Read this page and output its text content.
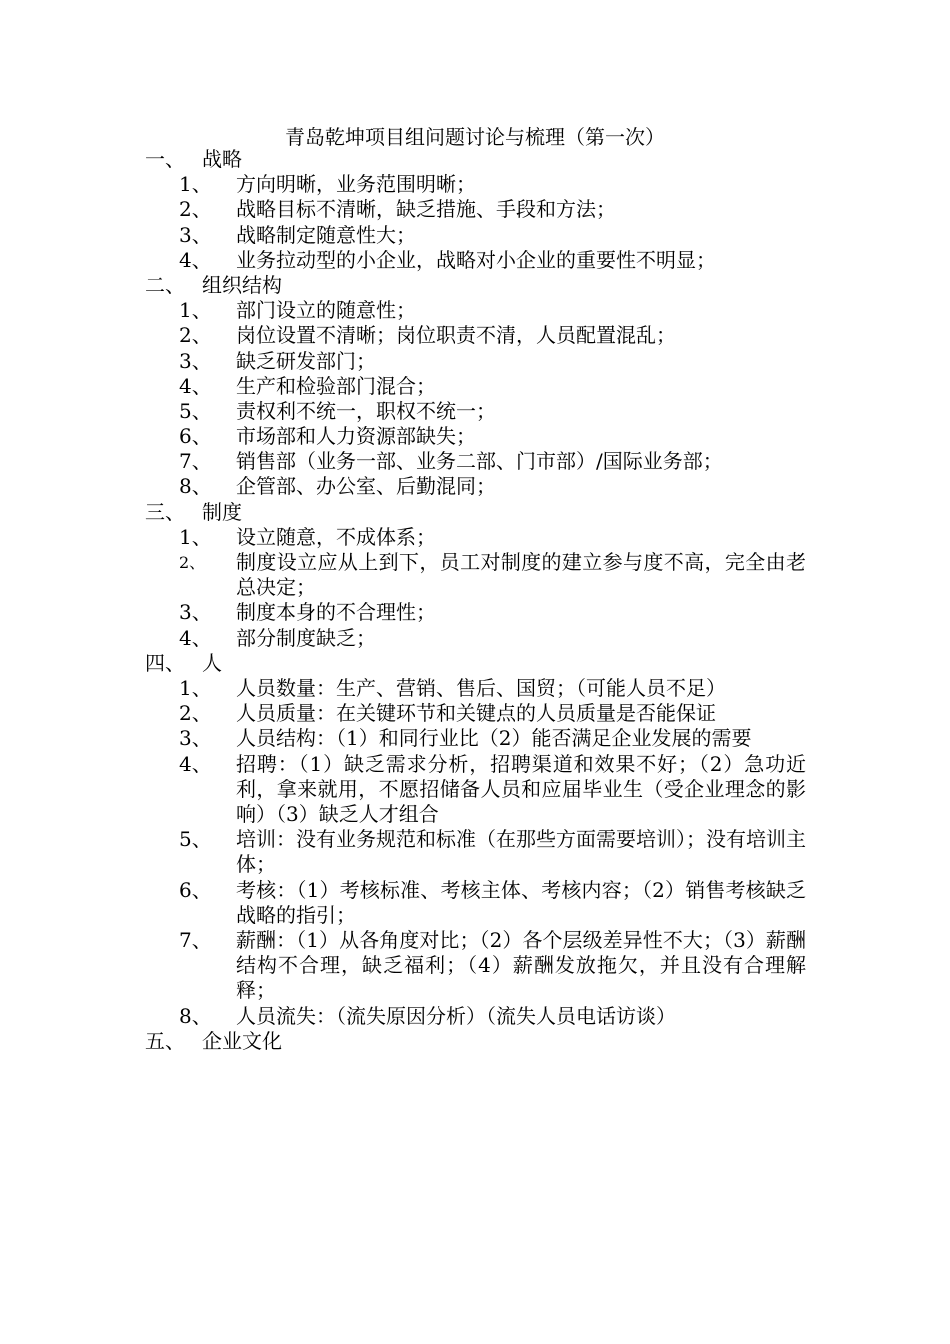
青岛乾坤项目组问题讨论与梳理（第一次）
一、 战略
1、 方向明晰，业务范围明晰；
2、 战略目标不清晰，缺乏措施、手段和方法；
3、 战略制定随意性大；
4、 业务拉动型的小企业，战略对小企业的重要性不明显；
二、 组织结构
1、 部门设立的随意性；
2、 岗位设置不清晰；岗位职责不清，人员配置混乱；
3、 缺乏研发部门；
4、 生产和检验部门混合；
5、 责权利不统一，职权不统一；
6、 市场部和人力资源部缺失；
7、 销售部（业务一部、业务二部、门市部）/国际业务部；
8、 企管部、办公室、后勤混同；
三、 制度
1、 设立随意，不成体系；
2、 制度设立应从上到下，员工对制度的建立参与度不高，完全由老总决定；
3、 制度本身的不合理性；
4、 部分制度缺乏；
四、 人
1、 人员数量：生产、营销、售后、国贸；（可能人员不足）
2、 人员质量：在关键环节和关键点的人员质量是否能保证
3、 人员结构：（1）和同行业比（2）能否满足企业发展的需要
4、 招聘：（1）缺乏需求分析，招聘渠道和效果不好；（2）急功近利，拿来就用，不愿招储备人员和应届毕业生（受企业理念的影响）（3）缺乏人才组合
5、 培训：没有业务规范和标准（在那些方面需要培训）；没有培训主体；
6、 考核：（1）考核标准、考核主体、考核内容；（2）销售考核缺乏战略的指引；
7、 薪酬：（1）从各角度对比；（2）各个层级差异性不大；（3）薪酬结构不合理，缺乏福利；（4）薪酬发放拖欠，并且没有合理解释；
8、 人员流失：（流失原因分析）（流失人员电话访谈）
五、 企业文化
